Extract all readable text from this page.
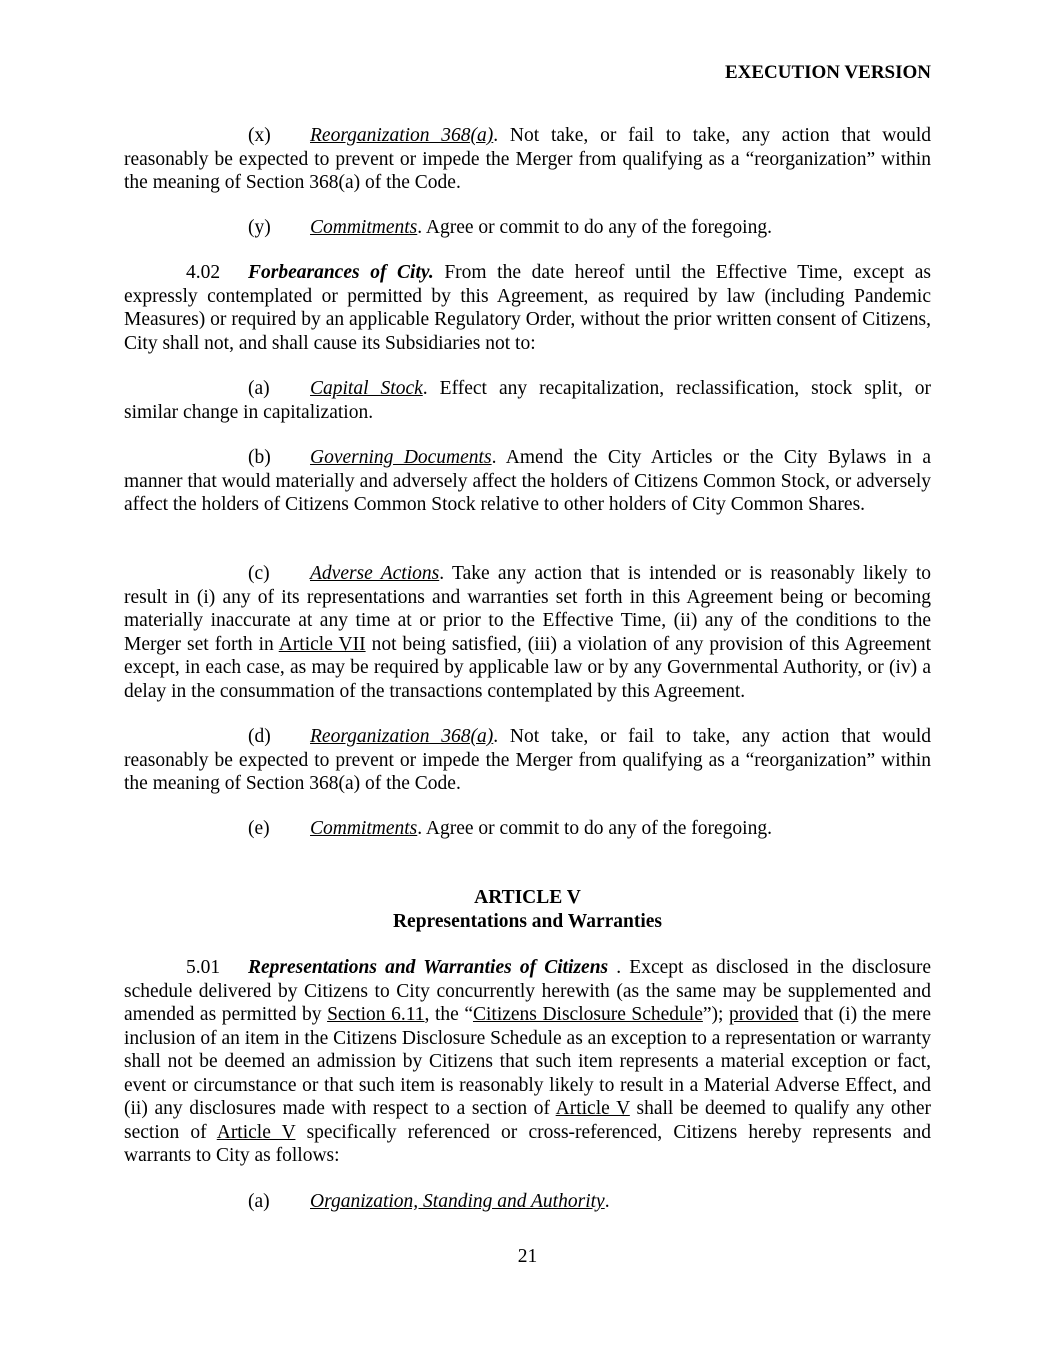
EXECUTION VERSION

(x) Reorganization 368(a). Not take, or fail to take, any action that would reasonably be expected to prevent or impede the Merger from qualifying as a “reorganization” within the meaning of Section 368(a) of the Code.

(y) Commitments. Agree or commit to do any of the foregoing.

4.02 Forbearances of City. From the date hereof until the Effective Time, except as expressly contemplated or permitted by this Agreement, as required by law (including Pandemic Measures) or required by an applicable Regulatory Order, without the prior written consent of Citizens, City shall not, and shall cause its Subsidiaries not to:

(a) Capital Stock. Effect any recapitalization, reclassification, stock split, or similar change in capitalization.

(b) Governing Documents. Amend the City Articles or the City Bylaws in a manner that would materially and adversely affect the holders of Citizens Common Stock, or adversely affect the holders of Citizens Common Stock relative to other holders of City Common Shares.

(c) Adverse Actions. Take any action that is intended or is reasonably likely to result in (i) any of its representations and warranties set forth in this Agreement being or becoming materially inaccurate at any time at or prior to the Effective Time, (ii) any of the conditions to the Merger set forth in Article VII not being satisfied, (iii) a violation of any provision of this Agreement except, in each case, as may be required by applicable law or by any Governmental Authority, or (iv) a delay in the consummation of the transactions contemplated by this Agreement.

(d) Reorganization 368(a). Not take, or fail to take, any action that would reasonably be expected to prevent or impede the Merger from qualifying as a “reorganization” within the meaning of Section 368(a) of the Code.

(e) Commitments. Agree or commit to do any of the foregoing.

ARTICLE V

Representations and Warranties

5.01 Representations and Warranties of Citizens . Except as disclosed in the disclosure schedule delivered by Citizens to City concurrently herewith (as the same may be supplemented and amended as permitted by Section 6.11, the “Citizens Disclosure Schedule”); provided that (i) the mere inclusion of an item in the Citizens Disclosure Schedule as an exception to a representation or warranty shall not be deemed an admission by Citizens that such item represents a material exception or fact, event or circumstance or that such item is reasonably likely to result in a Material Adverse Effect, and (ii) any disclosures made with respect to a section of Article V shall be deemed to qualify any other section of Article V specifically referenced or cross-referenced, Citizens hereby represents and warrants to City as follows:

(a) Organization, Standing and Authority.

21
